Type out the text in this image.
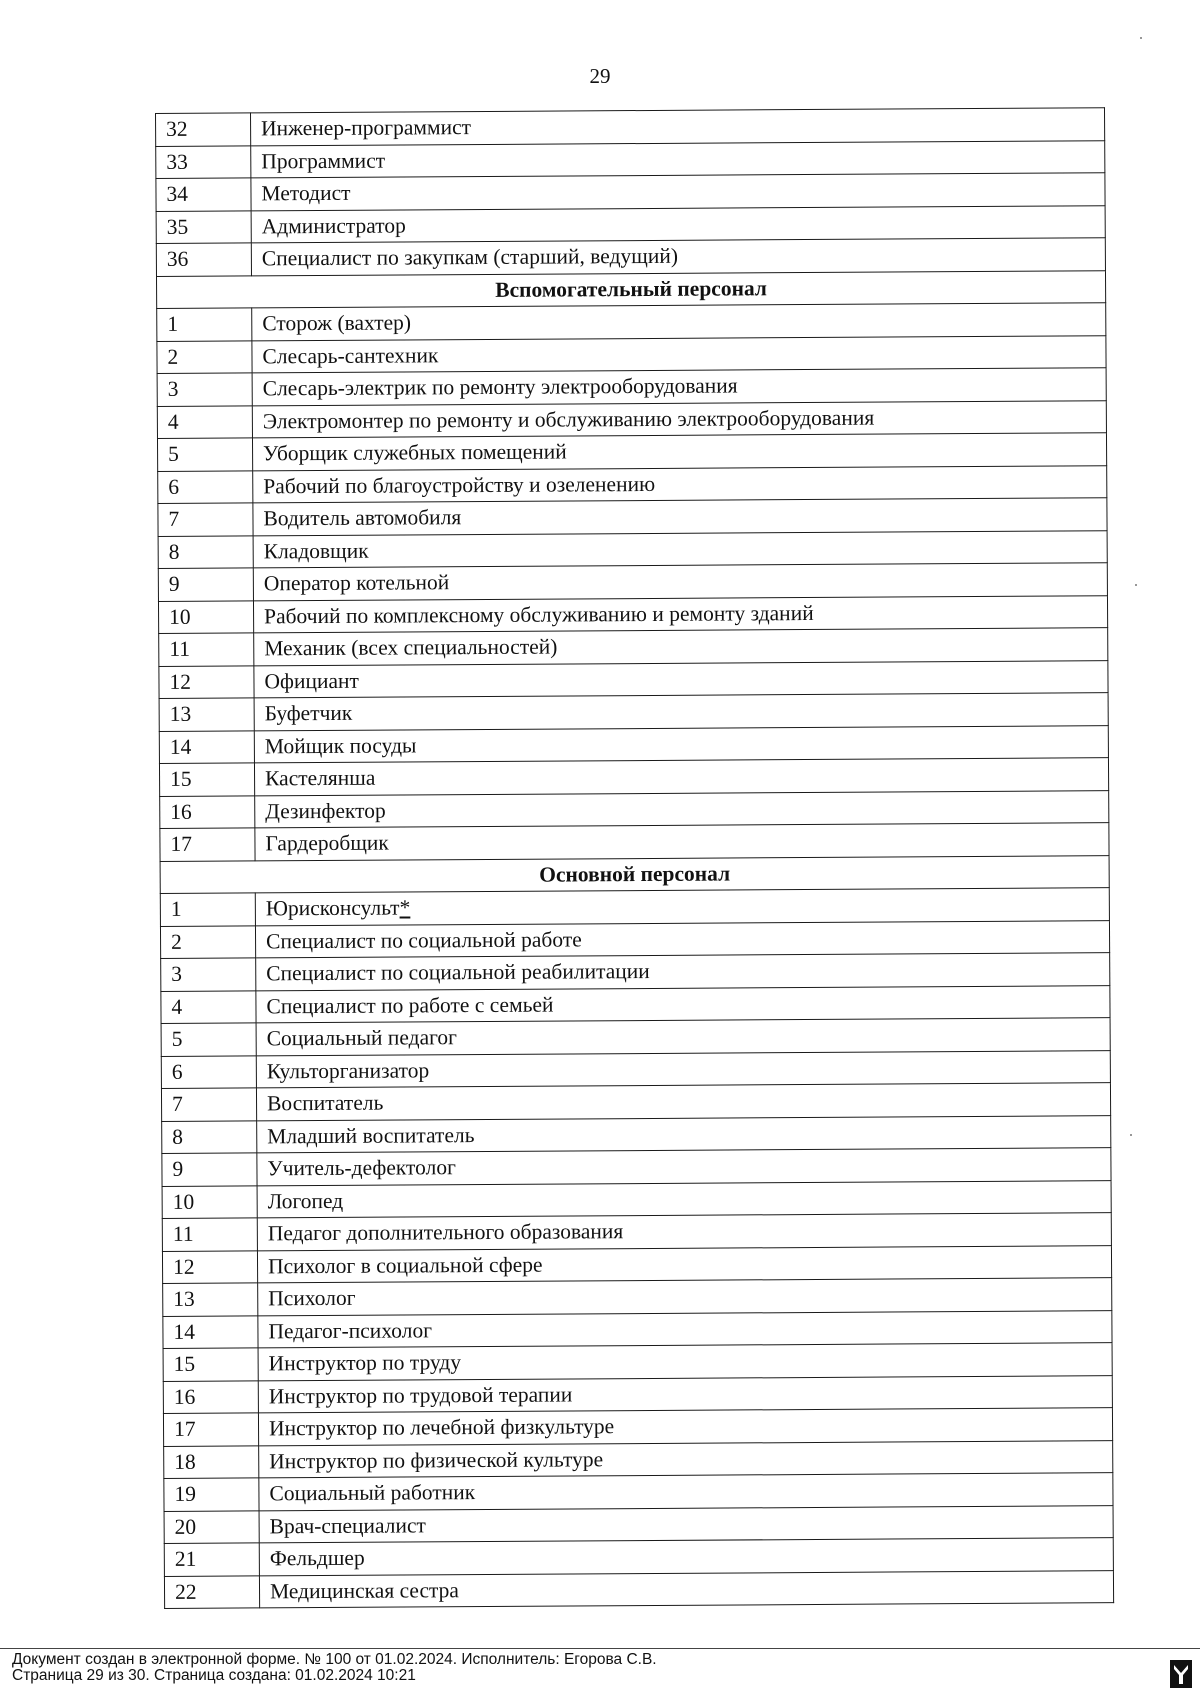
29
32	Инженер-программист
33	Программист
34	Методист
35	Администратор
36	Специалист по закупкам (старший, ведущий)
Вспомогательный персонал	
1	Сторож (вахтер)
2	Слесарь-сантехник
3	Слесарь-электрик по ремонту электрооборудования
4	Электромонтер по ремонту и обслуживанию электрооборудования
5	Уборщик служебных помещений
6	Рабочий по благоустройству и озеленению
7	Водитель автомобиля
8	Кладовщик
9	Оператор котельной
10	Рабочий по комплексному обслуживанию и ремонту зданий
11	Механик (всех специальностей)
12	Официант
13	Буфетчик
14	Мойщик посуды
15	Кастелянша
16	Дезинфектор
17	Гардеробщик
Основной персонал	
1	Юрисконсульт*
2	Специалист по социальной работе
3	Специалист по социальной реабилитации
4	Специалист по работе с семьей
5	Социальный педагог
6	Культорганизатор
7	Воспитатель
8	Младший воспитатель
9	Учитель-дефектолог
10	Логопед
11	Педагог дополнительного образования
12	Психолог в социальной сфере
13	Психолог
14	Педагог-психолог
15	Инструктор по труду
16	Инструктор по трудовой терапии
17	Инструктор по лечебной физкультуре
18	Инструктор по физической культуре
19	Социальный работник
20	Врач-специалист
21	Фельдшер
22	Медицинская сестра
Документ создан в электронной форме. № 100 от 01.02.2024. Исполнитель: Егорова С.В.
Страница 29 из 30. Страница создана: 01.02.2024 10:21
